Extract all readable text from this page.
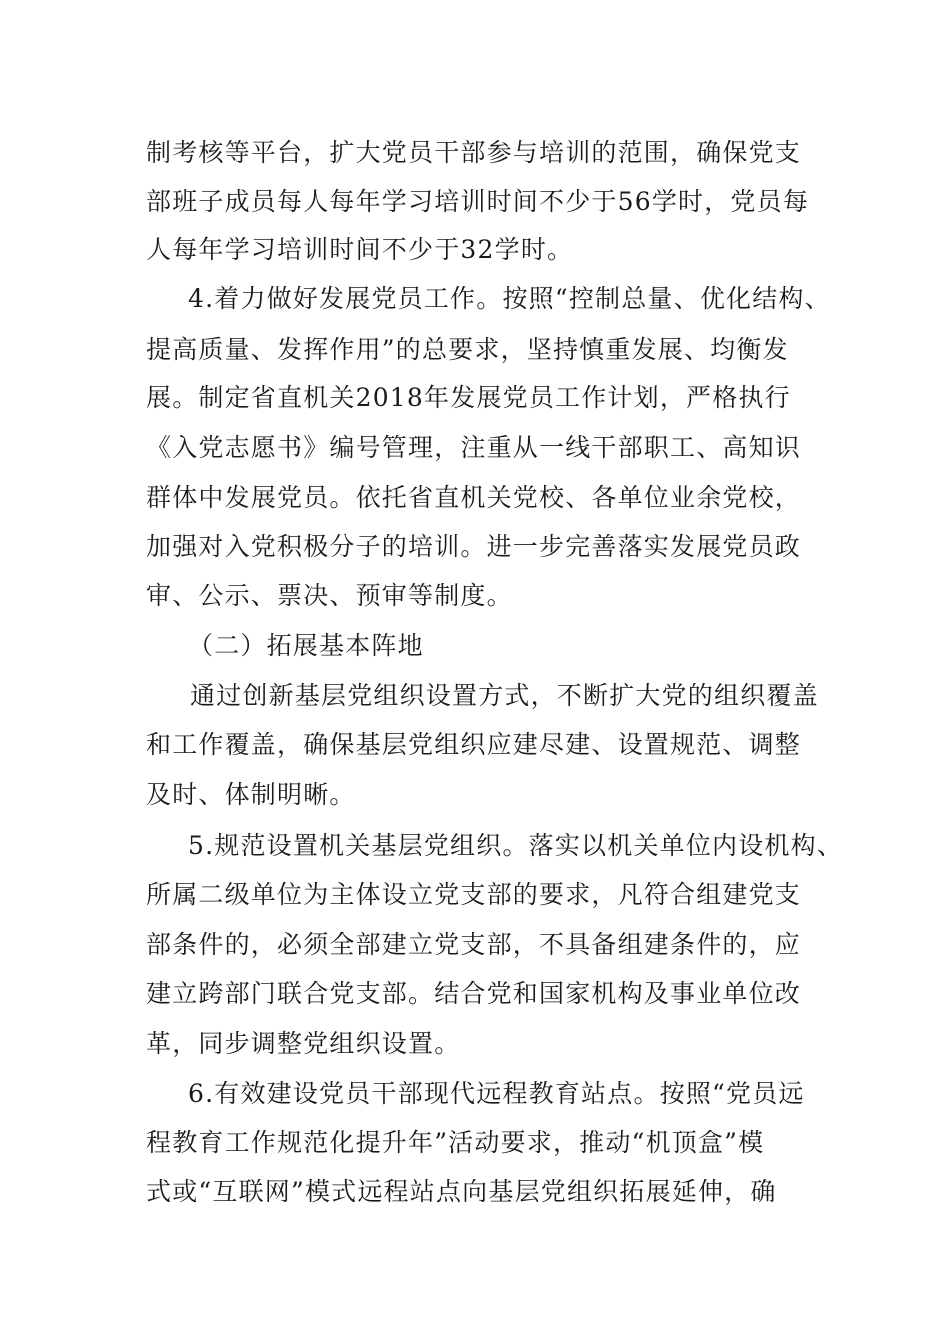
制考核等平台，扩大党员干部参与培训的范围，确保党支

部班子成员每人每年学习培训时间不少于56学时，党员每

人每年学习培训时间不少于32学时。

4.着力做好发展党员工作。按照“控制总量、优化结构、

提高质量、发挥作用”的总要求，坚持慎重发展、均衡发

展。制定省直机关2018年发展党员工作计划，严格执行

《入党志愿书》编号管理，注重从一线干部职工、高知识

群体中发展党员。依托省直机关党校、各单位业余党校，

加强对入党积极分子的培训。进一步完善落实发展党员政

审、公示、票决、预审等制度。

（二）拓展基本阵地

通过创新基层党组织设置方式，不断扩大党的组织覆盖

和工作覆盖，确保基层党组织应建尽建、设置规范、调整

及时、体制明晰。

5.规范设置机关基层党组织。落实以机关单位内设机构、

所属二级单位为主体设立党支部的要求，凡符合组建党支

部条件的，必须全部建立党支部，不具备组建条件的，应

建立跨部门联合党支部。结合党和国家机构及事业单位改

革，同步调整党组织设置。

6.有效建设党员干部现代远程教育站点。按照“党员远

程教育工作规范化提升年”活动要求，推动“机顶盒”模

式或“互联网”模式远程站点向基层党组织拓展延伸，确
